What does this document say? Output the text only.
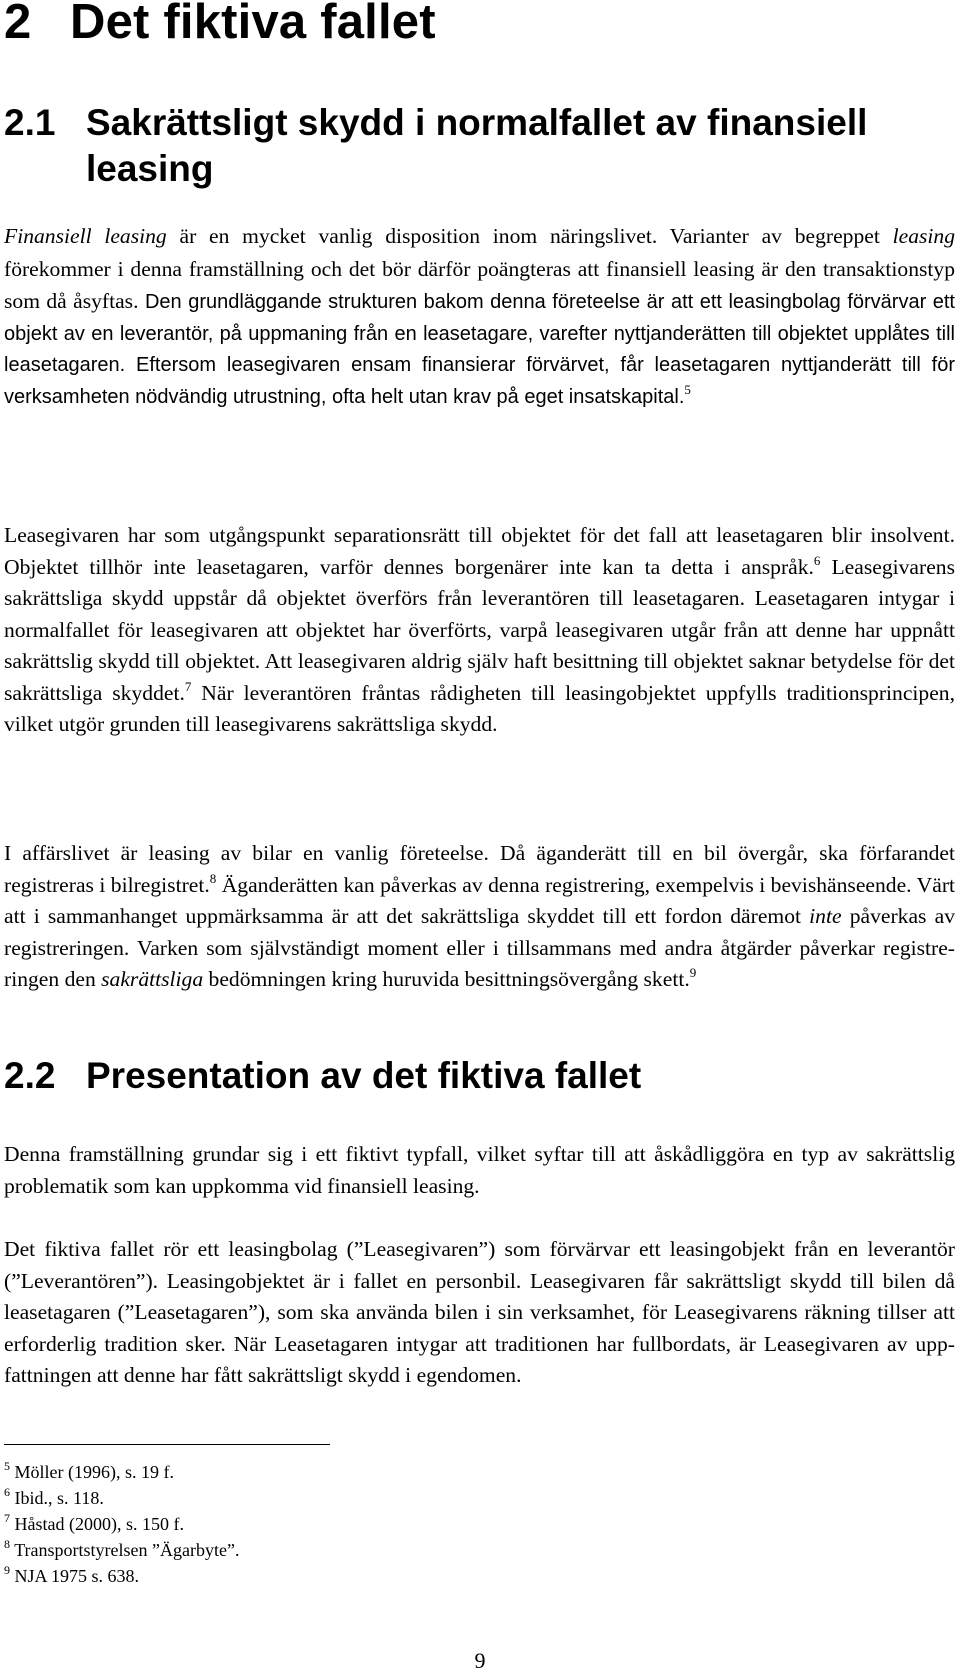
2 Det fiktiva fallet
2.1 Sakrättsligt skydd i normalfallet av finansiell leasing
Finansiell leasing är en mycket vanlig disposition inom näringslivet. Varianter av begreppet leasing förekommer i denna framställning och det bör därför poängteras att finansiell leasing är den transaktionstyp som då åsyftas. Den grundläggande strukturen bakom denna företeelse är att ett leasingbolag förvärvar ett objekt av en leverantör, på uppmaning från en leasetagare, varefter nyttjanderätten till objektet upplåtes till leasetagaren. Eftersom leasegivaren ensam finansierar förvärvet, får leasetagaren nyttjanderätt till för verksamheten nödvändig utrustning, ofta helt utan krav på eget insatskapital.$^5$
Leasegivaren har som utgångspunkt separationsrätt till objektet för det fall att leasetagaren blir insolvent. Objektet tillhör inte leasetagaren, varför dennes borgenärer inte kan ta detta i anspråk.$^6$ Leasegivarens sakrättsliga skydd uppstår då objektet överförs från leverantören till leasetagaren. Leasetagaren intygar i normalfallet för leasegivaren att objektet har överförts, varpå leasegivaren utgår från att denne har uppnått sakrättslig skydd till objektet. Att leasegivaren aldrig själv haft besittning till objektet saknar betydelse för det sakrättsliga skyddet.$^7$ När leverantören fråntas rådigheten till leasingobjektet uppfylls traditionsprincipen, vilket utgör grunden till leasegivarens sakrättsliga skydd.
I affärslivet är leasing av bilar en vanlig företeelse. Då äganderätt till en bil övergår, ska förfarandet registreras i bilregistret.$^8$ Äganderätten kan påverkas av denna registrering, exempelvis i bevishänseende. Värt att i sammanhanget uppmärksamma är att det sakrättsliga skyddet till ett fordon däremot inte påverkas av registreringen. Varken som självständigt moment eller i tillsammans med andra åtgärder påverkar registreringen den sakrättsliga bedömningen kring huruvida besittningsövergång skett.$^9$
2.2 Presentation av det fiktiva fallet
Denna framställning grundar sig i ett fiktivt typfall, vilket syftar till att åskådliggöra en typ av sakrättslig problematik som kan uppkomma vid finansiell leasing.
Det fiktiva fallet rör ett leasingbolag (”Leasegivaren”) som förvärvar ett leasingobjekt från en leverantör (”Leverantören”). Leasingobjektet är i fallet en personbil. Leasegivaren får sakrättsligt skydd till bilen då leasetagaren (”Leasetagaren”), som ska använda bilen i sin verksamhet, för Leasegivarens räkning tillser att erforderlig tradition sker. När Leasetagaren intygar att traditionen har fullbordats, är Leasegivaren av uppfattningen att denne har fått sakrättsligt skydd i egendomen.
$^5$ Möller (1996), s. 19 f.
$^6$ Ibid., s. 118.
$^7$ Håstad (2000), s. 150 f.
$^8$ Transportstyrelsen ”Ägarbyte”.
$^9$ NJA 1975 s. 638.
9
